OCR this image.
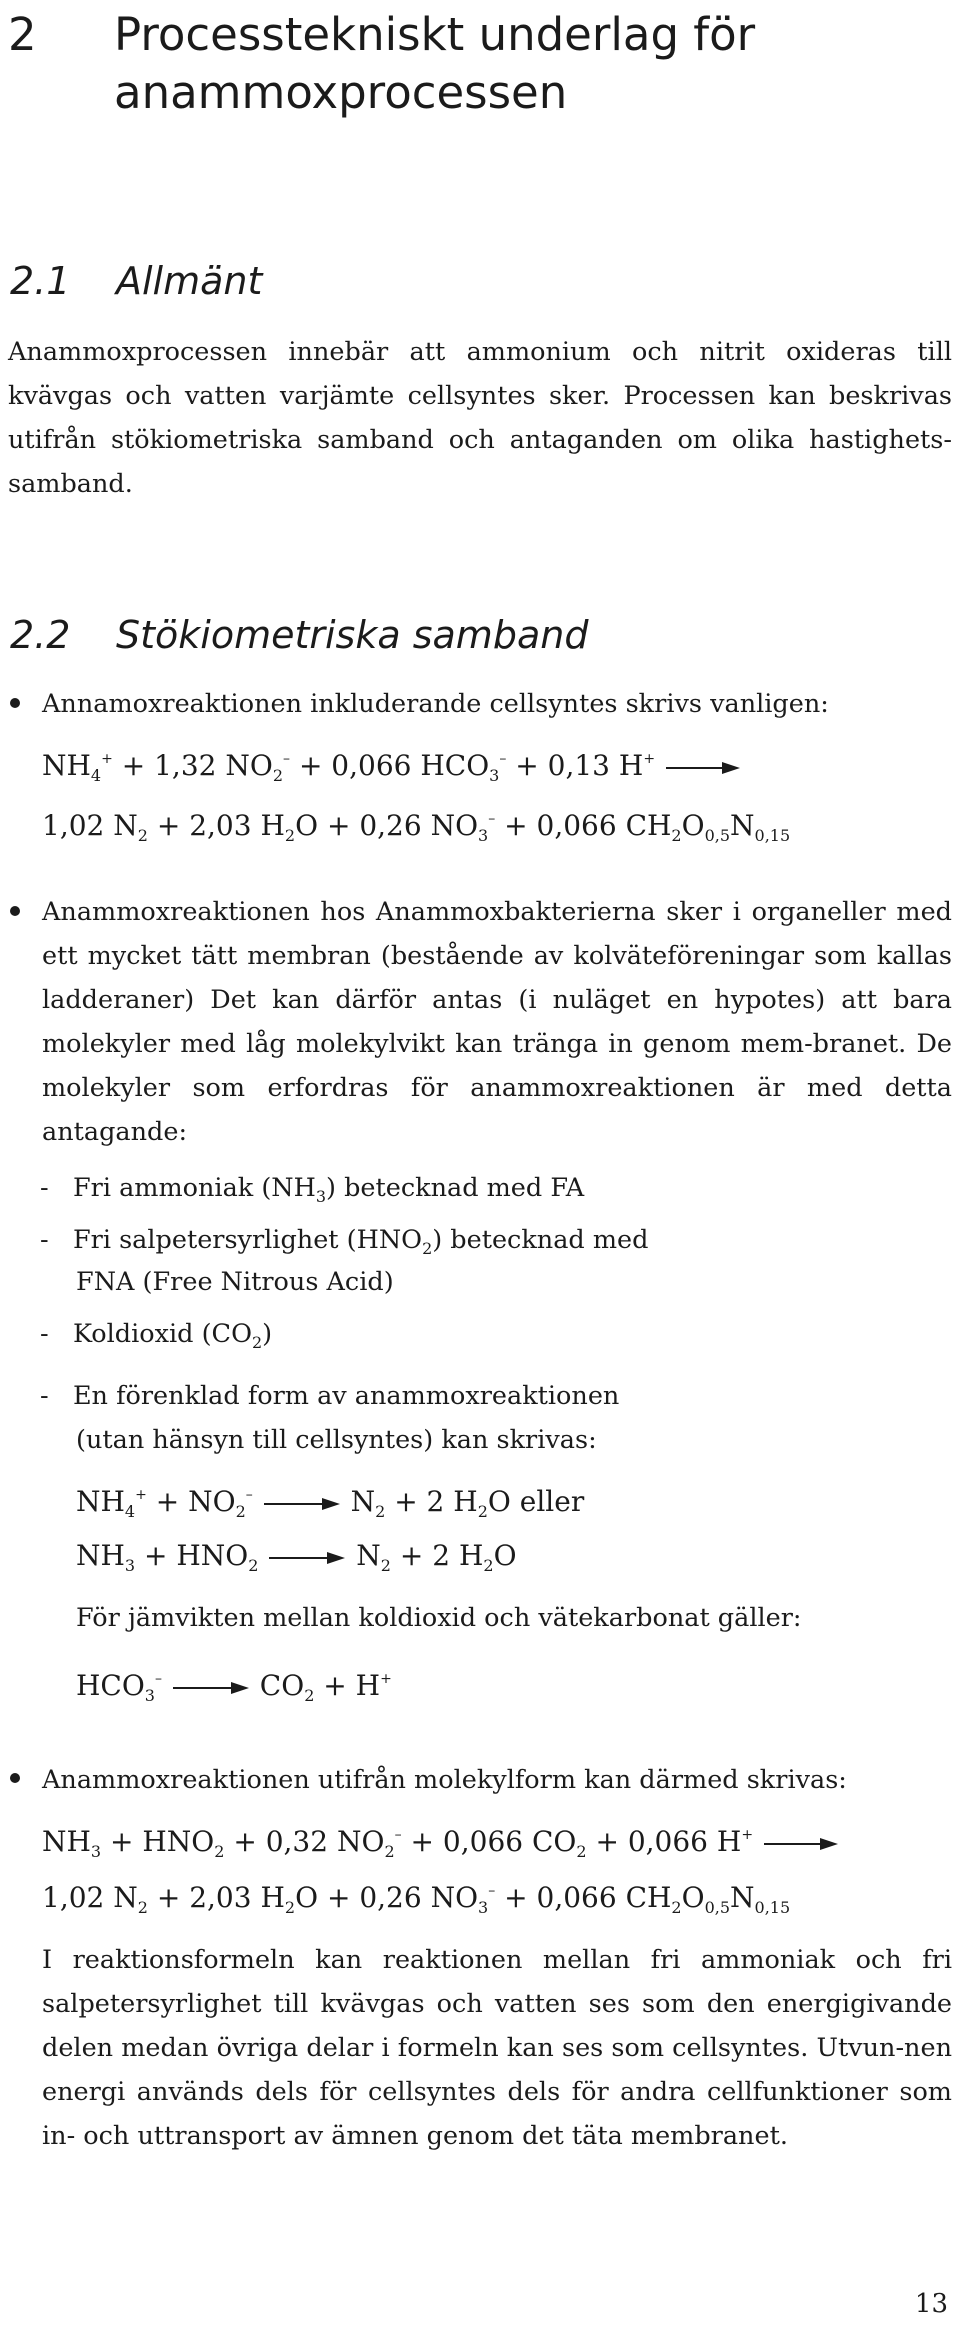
2 Processtekniskt underlag för anammoxprocessen
2.1 Allmänt
Anammoxprocessen innebär att ammonium och nitrit oxideras till kvävgas och vatten varjämte cellsyntes sker. Processen kan beskrivas utifrån stökiometriska samband och antaganden om olika hastighets-samband.
2.2 Stökiometriska samband
Annamoxreaktionen inkluderande cellsyntes skrivs vanligen:
$NH_4^+ + 1,32$ $NO_2^- + 0,066$ $HCO_3^- + 0,13$ H+
1,02 $N_2 + 2,03$ $H_2O + 0,26$ $NO_3^- + 0,066$ $CH_2O_{0,5}N_{0,15}$
Anammoxreaktionen hos Anammoxbakterierna sker i organeller med ett mycket tätt membran (bestående av kolväteföreningar som kallas ladderaner) Det kan därför antas (i nuläget en hypotes) att bara molekyler med låg molekylvikt kan tränga in genom mem-branet. De molekyler som erfordras för anammoxreaktionen är med detta antagande:
-   Fri ammoniak $(NH_3)$ betecknad med FA
-   Fri salpetersyrlighet $(HNO_2)$ betecknad med
FNA (Free Nitrous Acid)
-   Koldioxid $(CO_2)$
-   En förenklad form av anammoxreaktionen
(utan hänsyn till cellsyntes) kan skrivas:
$NH_4^+ + NO_2^- \to N_2 + 2$ $H_2O$ eller
$NH_3 + HNO_2 \to N_2 + 2$ $H_2O$
För jämvikten mellan koldioxid och vätekarbonat gäller:
$HCO_3^- \to CO_2 + H^+$
Anammoxreaktionen utifrån molekylform kan därmed skrivas:
$NH_3 + HNO_2 + 0,32$ $NO_2^- + 0,066$ $CO_2 + 0,066$ H+
1,02 $N_2 + 2,03$ $H_2O + 0,26$ $NO_3^- + 0,066$ $CH_2O_{0,5}N_{0,15}$
I reaktionsformeln kan reaktionen mellan fri ammoniak och fri salpetersyrlighet till kvävgas och vatten ses som den energigivande delen medan övriga delar i formeln kan ses som cellsyntes. Utvun-nen energi används dels för cellsyntes dels för andra cellfunktioner som in- och uttransport av ämnen genom det täta membranet.
13
